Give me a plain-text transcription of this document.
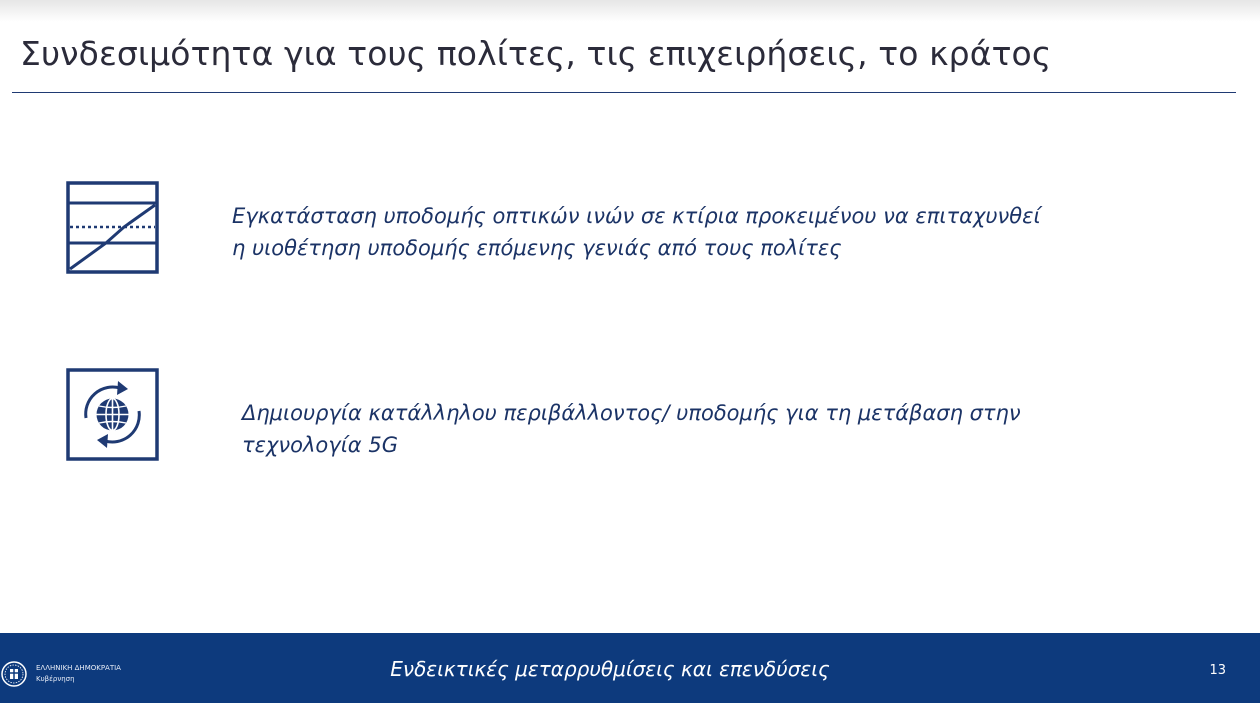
Συνδεσιμότητα για τους πολίτες, τις επιχειρήσεις, το κράτος
Εγκατάσταση υποδομής οπτικών ινών σε κτίρια προκειμένου να επιταχυνθεί
η υιοθέτηση υποδομής επόμενης γενιάς από τους πολίτες
Δημιουργία κατάλληλου περιβάλλοντος/ υποδομής για τη μετάβαση στην
τεχνολογία 5G
ΕΛΛΗΝΙΚΗ ΔΗΜΟΚΡΑΤΙΑ
Κυβέρνηση	Ενδεικτικές μεταρρυθμίσεις και επενδύσεις	13
